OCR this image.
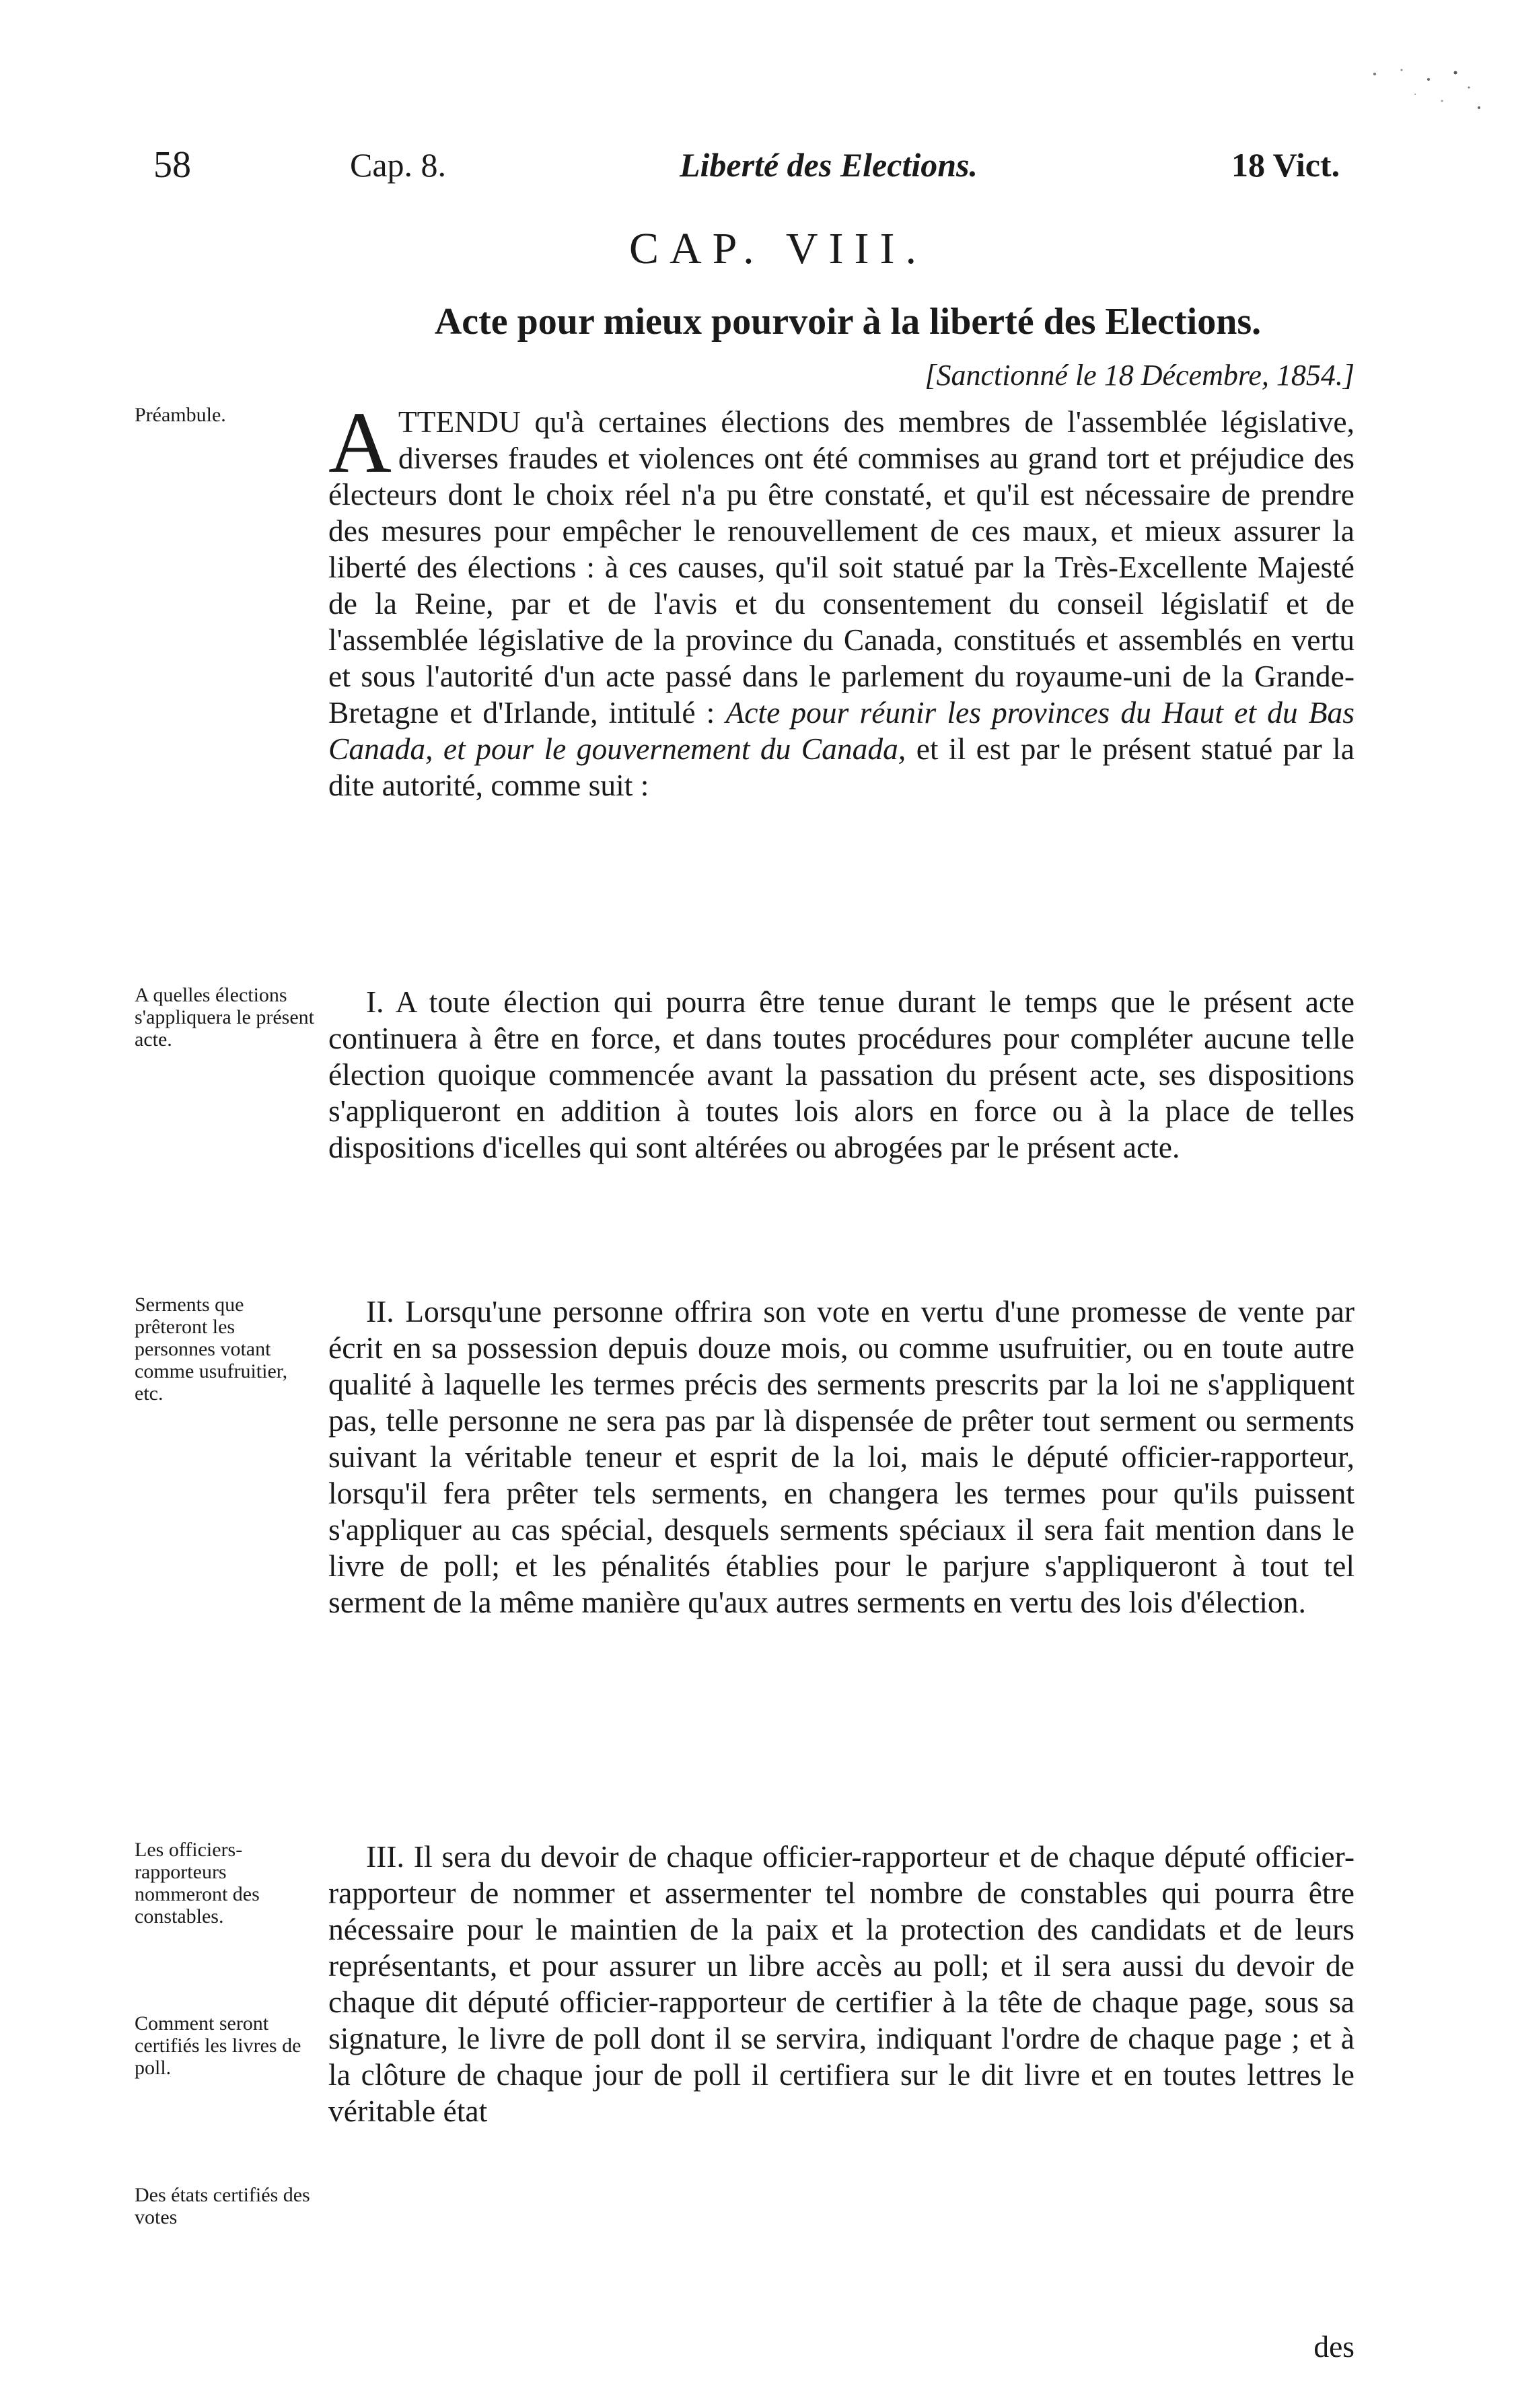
58	Cap. 8.	Liberté des Elections.	18 Vict.
CAP. VIII.
Acte pour mieux pourvoir à la liberté des Elections.
[Sanctionné le 18 Décembre, 1854.]
Préambule.
A quelles élections s'appliquera le présent acte.
Serments que prêteront les personnes votant comme usufruitier, etc.
Les officiers-rapporteurs nommeront des constables.
Comment seront certifiés les livres de poll.
Des états certifiés des votes

ATTENDU qu'à certaines élections des membres de l'assemblée législative, diverses fraudes et violences ont été commises au grand tort et préjudice des électeurs dont le choix réel n'a pu être constaté, et qu'il est nécessaire de prendre des mesures pour empêcher le renouvellement de ces maux, et mieux assurer la liberté des élections : à ces causes, qu'il soit statué par la Très-Excellente Majesté de la Reine, par et de l'avis et du consentement du conseil législatif et de l'assemblée législative de la province du Canada, constitués et assemblés en vertu et sous l'autorité d'un acte passé dans le parlement du royaume-uni de la Grande-Bretagne et d'Irlande, intitulé : Acte pour réunir les provinces du Haut et du Bas Canada, et pour le gouvernement du Canada, et il est par le présent statué par la dite autorité, comme suit :

I. A toute élection qui pourra être tenue durant le temps que le présent acte continuera à être en force, et dans toutes procédures pour compléter aucune telle élection quoique commencée avant la passation du présent acte, ses dispositions s'appliqueront en addition à toutes lois alors en force ou à la place de telles dispositions d'icelles qui sont altérées ou abrogées par le présent acte.

II. Lorsqu'une personne offrira son vote en vertu d'une promesse de vente par écrit en sa possession depuis douze mois, ou comme usufruitier, ou en toute autre qualité à laquelle les termes précis des serments prescrits par la loi ne s'appliquent pas, telle personne ne sera pas par là dispensée de prêter tout serment ou serments suivant la véritable teneur et esprit de la loi, mais le député officier-rapporteur, lorsqu'il fera prêter tels serments, en changera les termes pour qu'ils puissent s'appliquer au cas spécial, desquels serments spéciaux il sera fait mention dans le livre de poll; et les pénalités établies pour le parjure s'appliqueront à tout tel serment de la même manière qu'aux autres serments en vertu des lois d'élection.

III. Il sera du devoir de chaque officier-rapporteur et de chaque député officier-rapporteur de nommer et assermenter tel nombre de constables qui pourra être nécessaire pour le maintien de la paix et la protection des candidats et de leurs représentants, et pour assurer un libre accès au poll; et il sera aussi du devoir de chaque dit député officier-rapporteur de certifier à la tête de chaque page, sous sa signature, le livre de poll dont il se servira, indiquant l'ordre de chaque page ; et à la clôture de chaque jour de poll il certifiera sur le dit livre et en toutes lettres le véritable état

des
